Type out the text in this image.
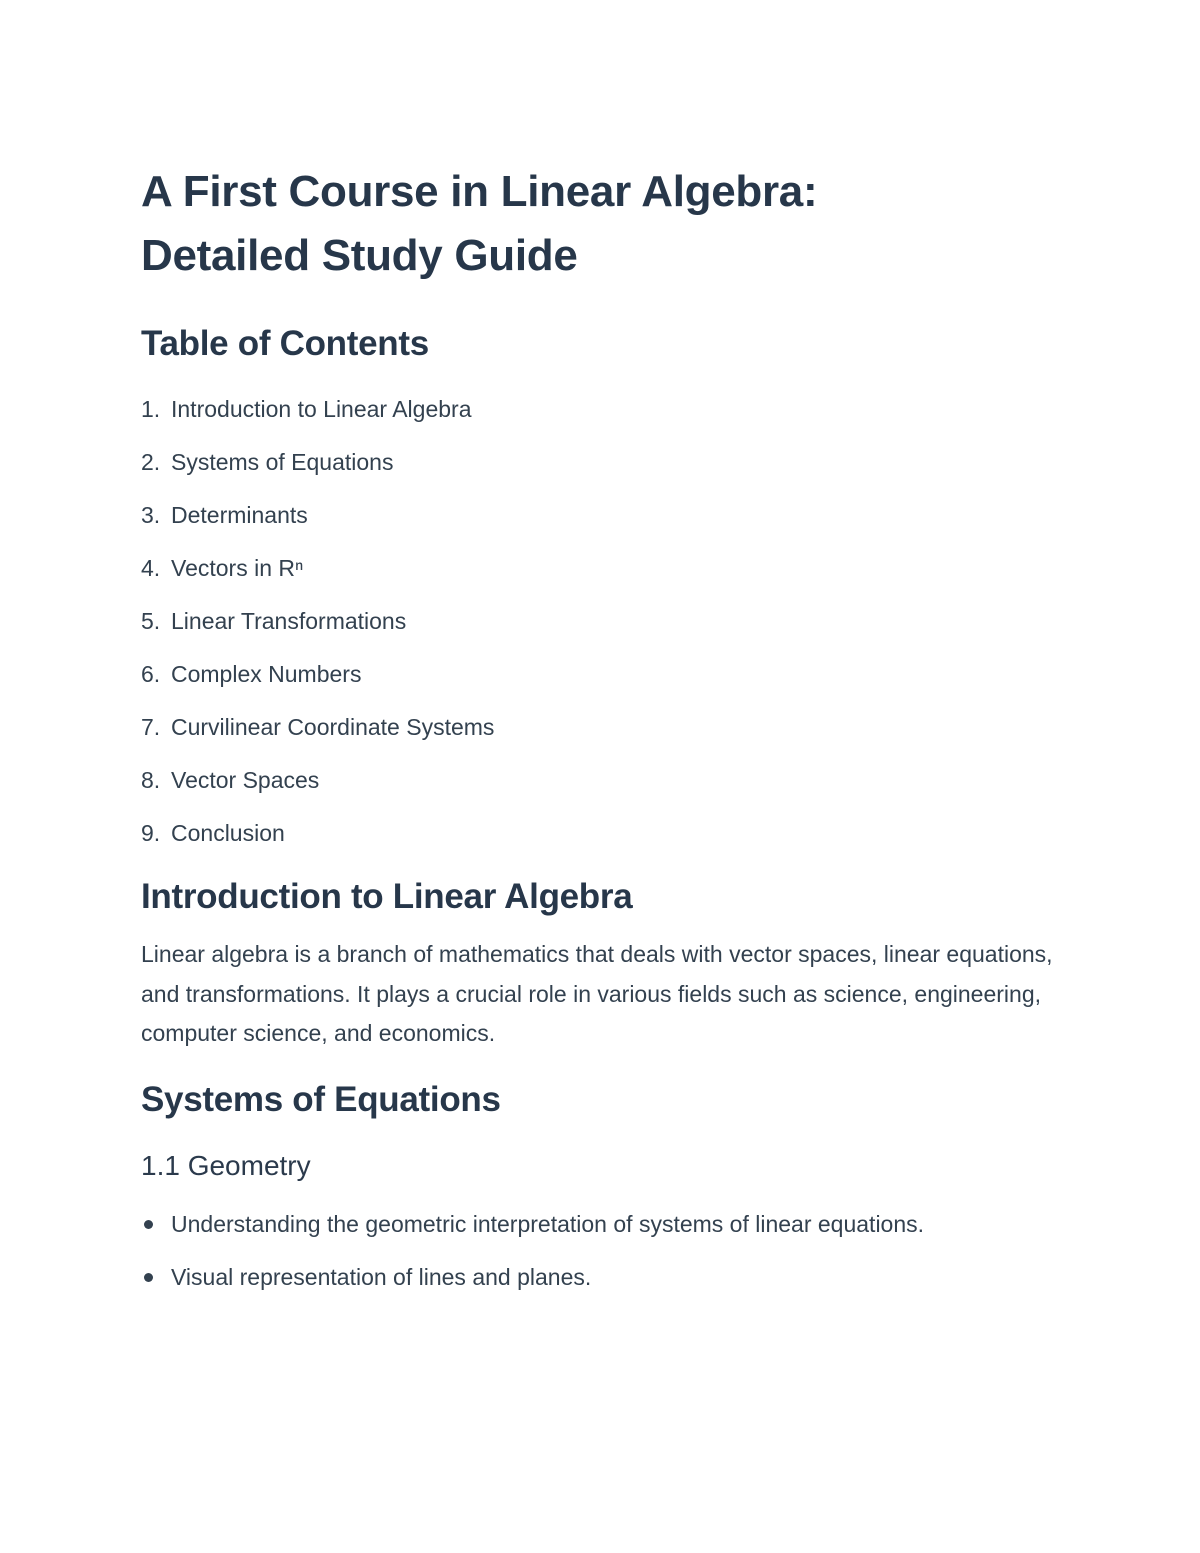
A First Course in Linear Algebra:
Detailed Study Guide
Table of Contents
1. Introduction to Linear Algebra
2. Systems of Equations
3. Determinants
4. Vectors in Rⁿ
5. Linear Transformations
6. Complex Numbers
7. Curvilinear Coordinate Systems
8. Vector Spaces
9. Conclusion
Introduction to Linear Algebra

Linear algebra is a branch of mathematics that deals with vector spaces, linear equations, and transformations. It plays a crucial role in various fields such as science, engineering, computer science, and economics.

Systems of Equations
1.1 Geometry
Understanding the geometric interpretation of systems of linear equations.
Visual representation of lines and planes.
